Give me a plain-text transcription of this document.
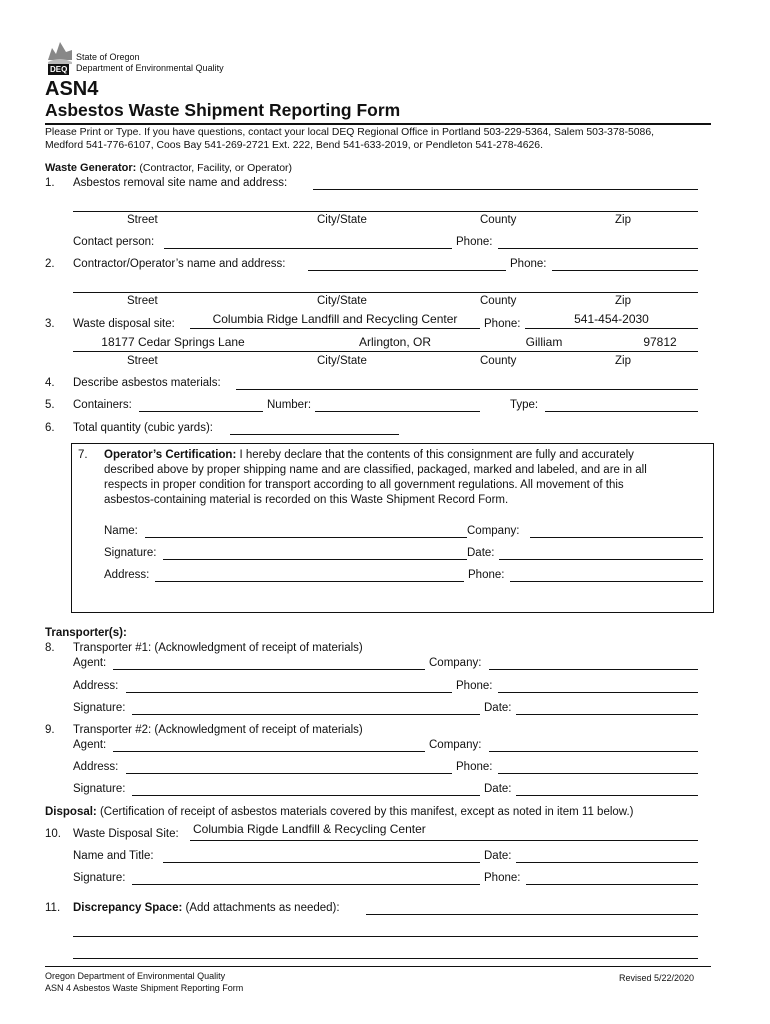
DEQ
State of Oregon
Department of Environmental Quality
ASN4
Asbestos Waste Shipment Reporting Form
Please Print or Type. If you have questions, contact your local DEQ Regional Office in Portland 503-229-5364, Salem 503-378-5086,
Medford 541-776-6107, Coos Bay 541-269-2721 Ext. 222, Bend 541-633-2019, or Pendleton 541-278-4626.
Waste Generator: (Contractor, Facility, or Operator)
1. Asbestos removal site name and address:
Street	City/State	County	Zip
Contact person:	Phone:
2. Contractor/Operator’s name and address:	Phone:
Street	City/State	County	Zip
3. Waste disposal site:	Columbia Ridge Landfill and Recycling Center	Phone:	541-454-2030
18177 Cedar Springs Lane	Arlington, OR	Gilliam	97812
Street	City/State	County	Zip
4. Describe asbestos materials:
5. Containers:	Number:	Type:
6. Total quantity (cubic yards):
7. Operator’s Certification: I hereby declare that the contents of this consignment are fully and accurately
described above by proper shipping name and are classified, packaged, marked and labeled, and are in all
respects in proper condition for transport according to all government regulations. All movement of this
asbestos-containing material is recorded on this Waste Shipment Record Form.
Name:	Company:
Signature:	Date:
Address:	Phone:
Transporter(s):
8. Transporter #1: (Acknowledgment of receipt of materials)
Agent:	Company:
Address:	Phone:
Signature:	Date:
9. Transporter #2: (Acknowledgment of receipt of materials)
Agent:	Company:
Address:	Phone:
Signature:	Date:
Disposal: (Certification of receipt of asbestos materials covered by this manifest, except as noted in item 11 below.)
10. Waste Disposal Site: Columbia Rigde Landfill & Recycling Center
Name and Title:	Date:
Signature:	Phone:
11. Discrepancy Space: (Add attachments as needed):
Oregon Department of Environmental Quality
ASN 4 Asbestos Waste Shipment Reporting Form
Revised 5/22/2020
